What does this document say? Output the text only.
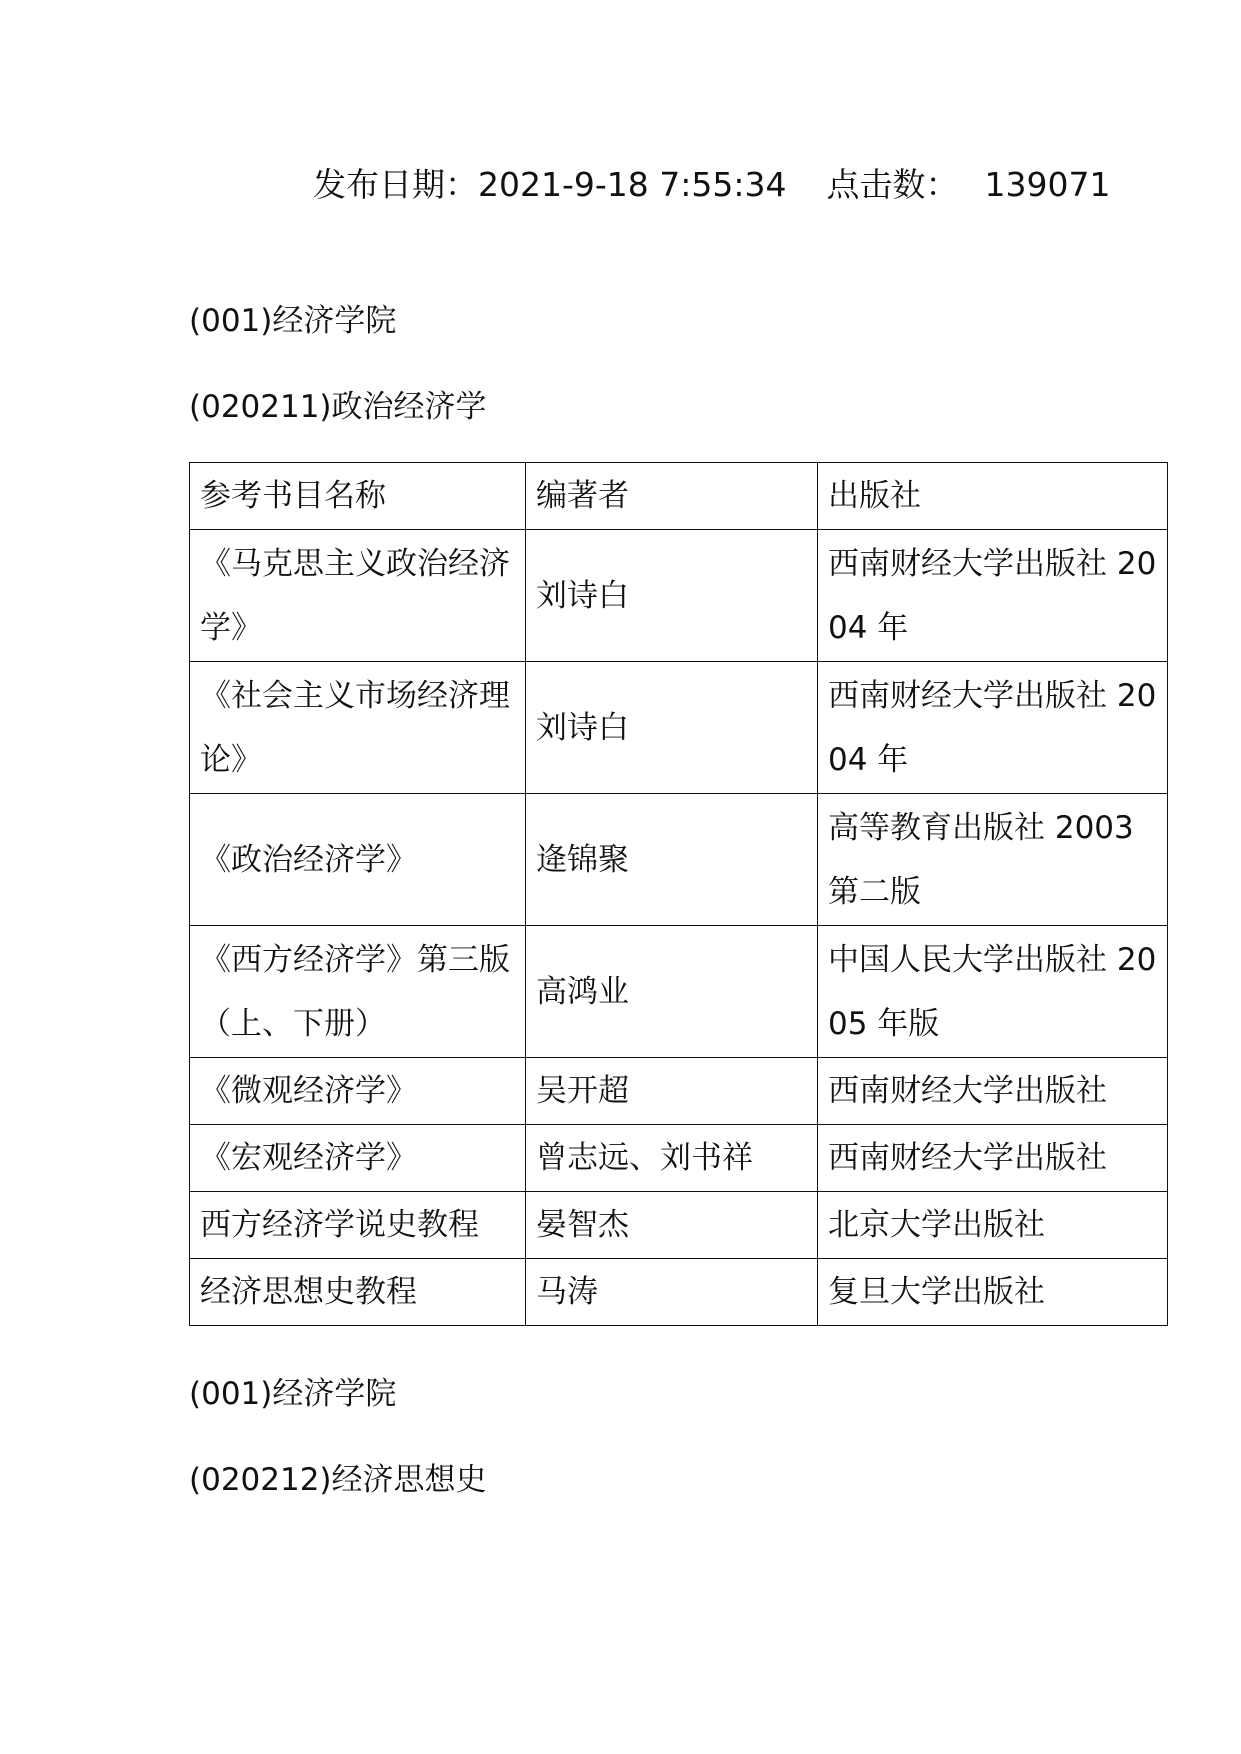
发布日期：2021-9-18 7:55:34 点击数： 139071
(001)经济学院
(020211)政治经济学
参考书目名称	编著者	出版社
《马克思主义政治经济学》	刘诗白	西南财经大学出版社 2004 年
《社会主义市场经济理论》	刘诗白	西南财经大学出版社 2004 年
《政治经济学》	逄锦聚	高等教育出版社 2003 第二版
《西方经济学》第三版（上、下册）	高鸿业	中国人民大学出版社 2005 年版
《微观经济学》	吴开超	西南财经大学出版社
《宏观经济学》	曾志远、刘书祥	西南财经大学出版社
西方经济学说史教程	晏智杰	北京大学出版社
经济思想史教程	马涛	复旦大学出版社
(001)经济学院
(020212)经济思想史
